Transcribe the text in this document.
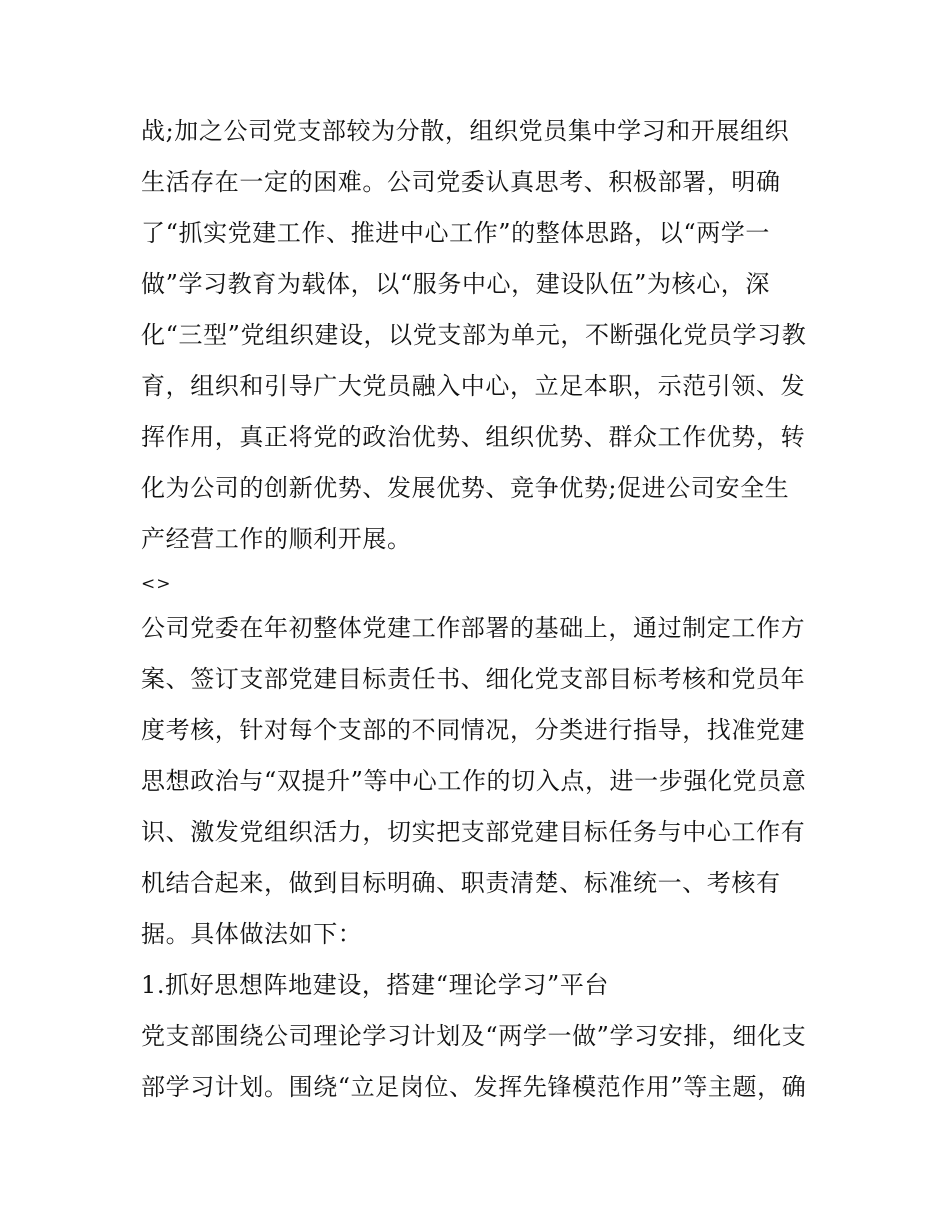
战;加之公司党支部较为分散，组织党员集中学习和开展组织
生活存在一定的困难。公司党委认真思考、积极部署，明确
了“抓实党建工作、推进中心工作”的整体思路，以“两学一
做”学习教育为载体，以“服务中心，建设队伍”为核心，深
化“三型”党组织建设，以党支部为单元，不断强化党员学习教
育，组织和引导广大党员融入中心，立足本职，示范引领、发
挥作用，真正将党的政治优势、组织优势、群众工作优势，转
化为公司的创新优势、发展优势、竞争优势;促进公司安全生
产经营工作的顺利开展。
<>
公司党委在年初整体党建工作部署的基础上，通过制定工作方
案、签订支部党建目标责任书、细化党支部目标考核和党员年
度考核，针对每个支部的不同情况，分类进行指导，找准党建
思想政治与“双提升”等中心工作的切入点，进一步强化党员意
识、激发党组织活力，切实把支部党建目标任务与中心工作有
机结合起来，做到目标明确、职责清楚、标准统一、考核有
据。具体做法如下：
1.抓好思想阵地建设，搭建“理论学习”平台
党支部围绕公司理论学习计划及“两学一做”学习安排，细化支
部学习计划。围绕“立足岗位、发挥先锋模范作用”等主题，确
